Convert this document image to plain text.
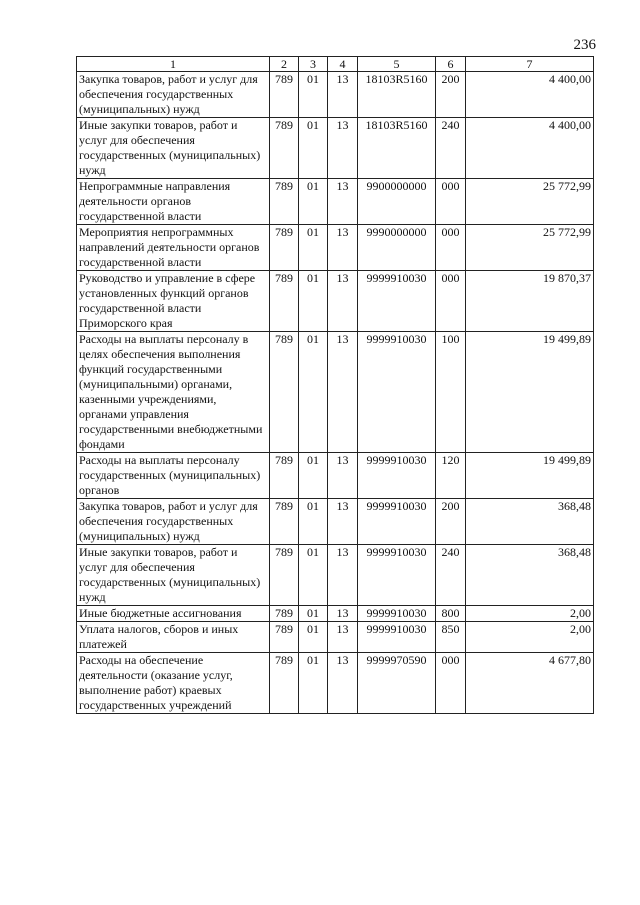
236
1	2	3	4	5	6	7
Закупка товаров, работ и услуг для обеспечения государственных (муниципальных) нужд	789	01	13	18103R5160	200	4 400,00
Иные закупки товаров, работ и услуг для обеспечения государственных (муниципальных) нужд	789	01	13	18103R5160	240	4 400,00
Непрограммные направления деятельности органов государственной власти	789	01	13	9900000000	000	25 772,99
Мероприятия непрограммных направлений деятельности органов государственной власти	789	01	13	9990000000	000	25 772,99
Руководство и управление в сфере установленных функций органов государственной власти Приморского края	789	01	13	9999910030	000	19 870,37
Расходы на выплаты персоналу в целях обеспечения выполнения функций государственными (муниципальными) органами, казенными учреждениями, органами управления государственными внебюджетными фондами	789	01	13	9999910030	100	19 499,89
Расходы на выплаты персоналу государственных (муниципальных) органов	789	01	13	9999910030	120	19 499,89
Закупка товаров, работ и услуг для обеспечения государственных (муниципальных) нужд	789	01	13	9999910030	200	368,48
Иные закупки товаров, работ и услуг для обеспечения государственных (муниципальных) нужд	789	01	13	9999910030	240	368,48
Иные бюджетные ассигнования	789	01	13	9999910030	800	2,00
Уплата налогов, сборов и иных платежей	789	01	13	9999910030	850	2,00
Расходы на обеспечение деятельности (оказание услуг, выполнение работ) краевых государственных учреждений	789	01	13	9999970590	000	4 677,80
